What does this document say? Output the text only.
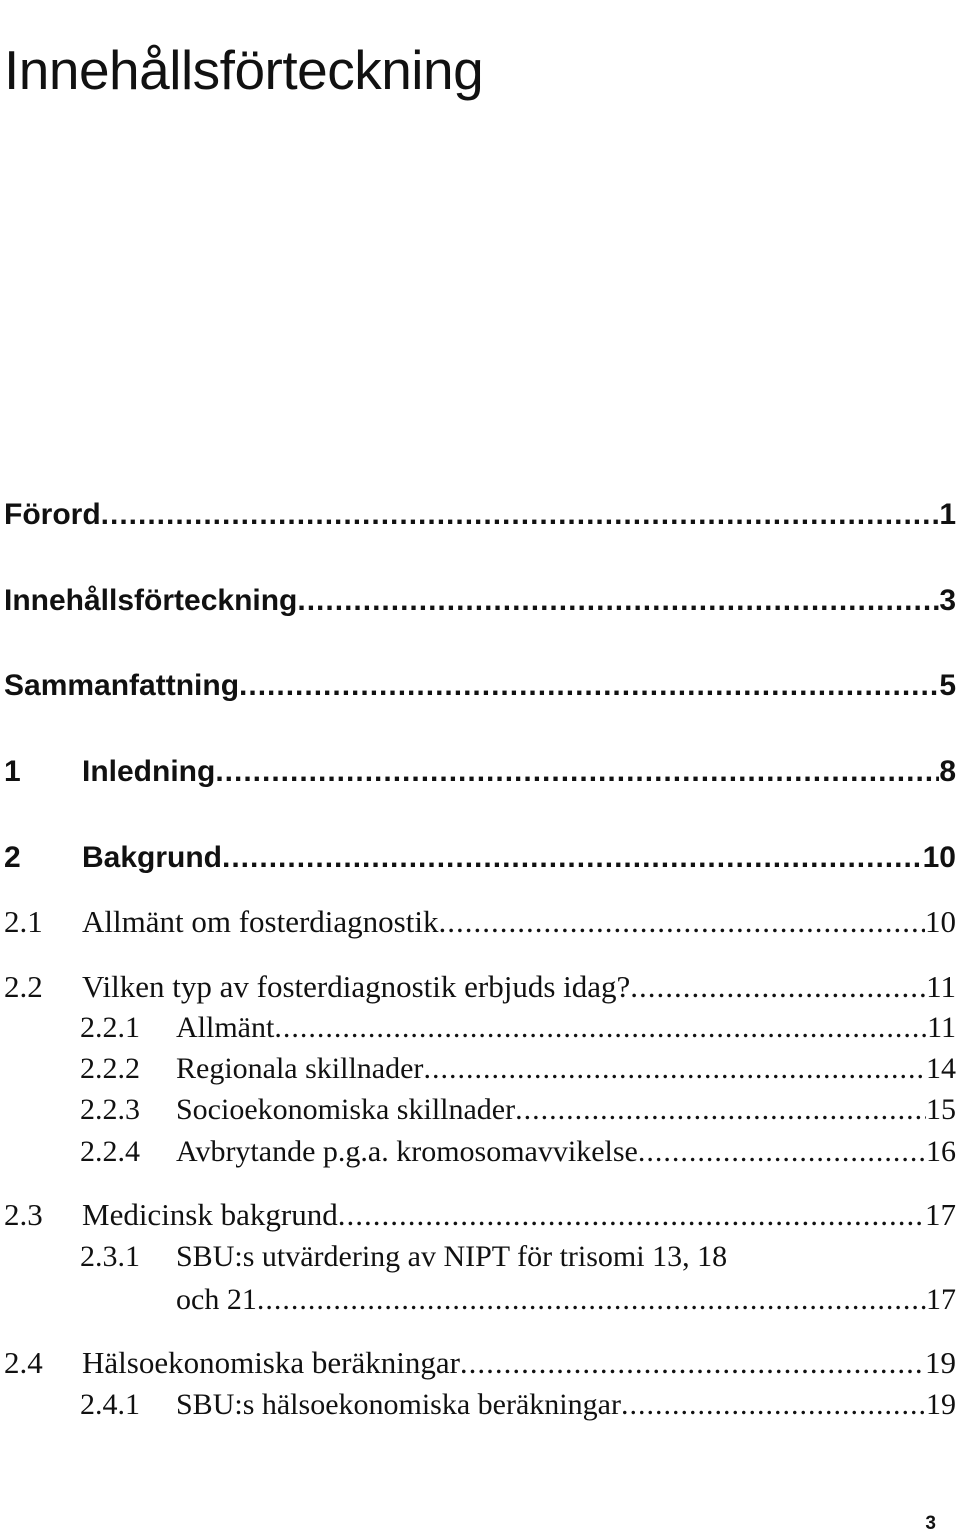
Innehållsförteckning
Förord .....	1
Innehållsförteckning .....	3
Sammanfattning .....	5
1	Inledning .....	8
2	Bakgrund .....	10
2.1	Allmänt om fosterdiagnostik .....	10
2.2	Vilken typ av fosterdiagnostik erbjuds idag? .....	11
2.2.1	Allmänt .....	11
2.2.2	Regionala skillnader .....	14
2.2.3	Socioekonomiska skillnader .....	15
2.2.4	Avbrytande p.g.a. kromosomavvikelse .....	16
2.3	Medicinsk bakgrund .....	17
2.3.1 SBU:s utvärdering av NIPT för trisomi 13, 18
och 21 .....	17
2.4	Hälsoekonomiska beräkningar .....	19
2.4.1	SBU:s hälsoekonomiska beräkningar .....	19
3
